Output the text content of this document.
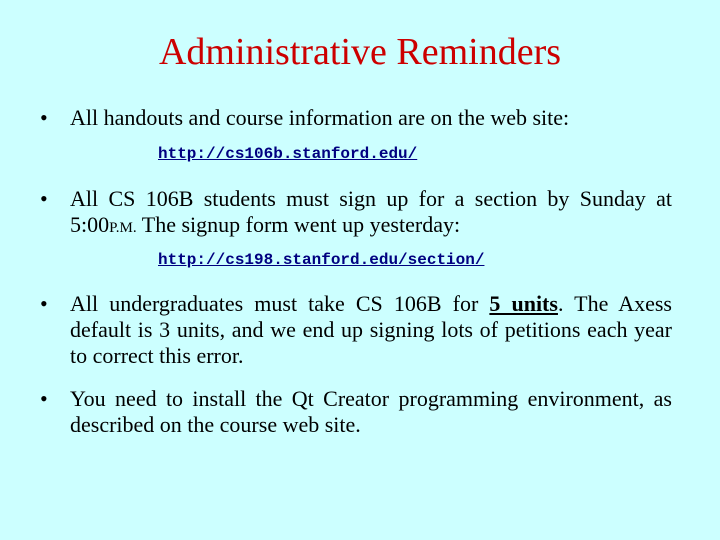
Administrative Reminders
•	All handouts and course information are on the web site:
http://cs106b.stanford.edu/
•	All CS 106B students must sign up for a section by Sunday at 5:00P.M. The signup form went up yesterday:
http://cs198.stanford.edu/section/
•	All undergraduates must take CS 106B for 5 units. The Axess default is 3 units, and we end up signing lots of petitions each year to correct this error.
•	You need to install the Qt Creator programming environment, as described on the course web site.
